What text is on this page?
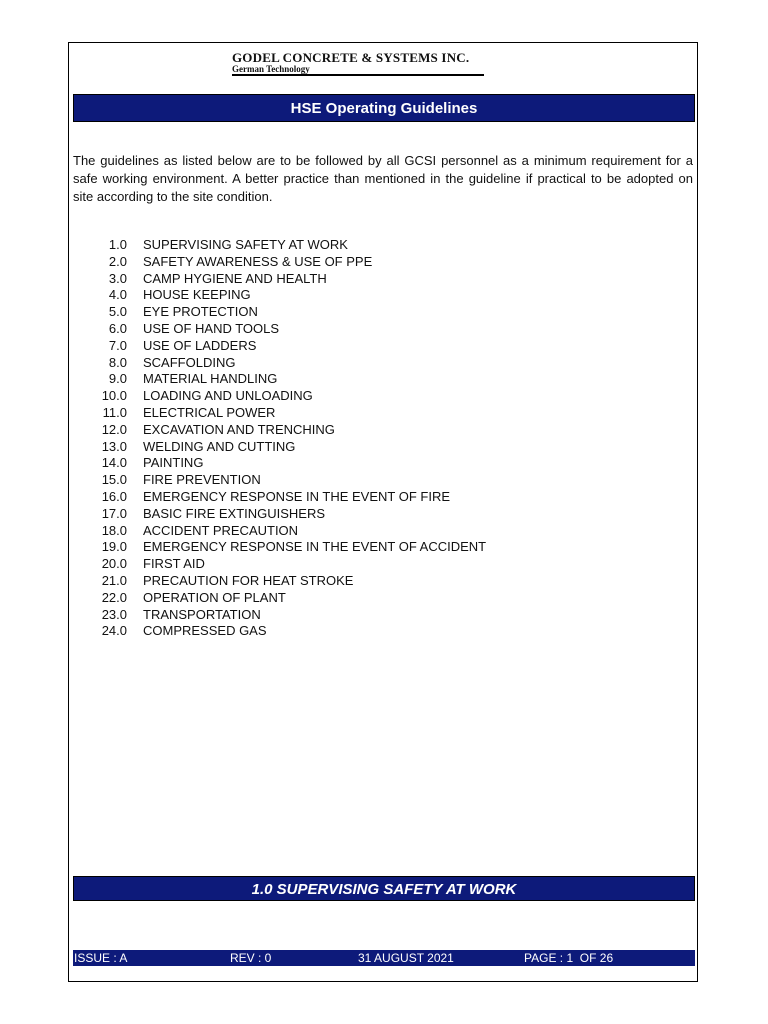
GODEL CONCRETE & SYSTEMS INC.
German Technology
HSE Operating Guidelines
The guidelines as listed below are to be followed by all GCSI personnel as a minimum requirement for a safe working environment. A better practice than mentioned in the guideline if practical to be adopted on site according to the site condition.
1.0 SUPERVISING SAFETY AT WORK
2.0 SAFETY AWARENESS & USE OF PPE
3.0 CAMP HYGIENE AND HEALTH
4.0 HOUSE KEEPING
5.0 EYE PROTECTION
6.0 USE OF HAND TOOLS
7.0 USE OF LADDERS
8.0 SCAFFOLDING
9.0 MATERIAL HANDLING
10.0 LOADING AND UNLOADING
11.0 ELECTRICAL POWER
12.0 EXCAVATION AND TRENCHING
13.0 WELDING AND CUTTING
14.0 PAINTING
15.0 FIRE PREVENTION
16.0 EMERGENCY RESPONSE IN THE EVENT OF FIRE
17.0 BASIC FIRE EXTINGUISHERS
18.0 ACCIDENT PRECAUTION
19.0 EMERGENCY RESPONSE IN THE EVENT OF ACCIDENT
20.0 FIRST AID
21.0 PRECAUTION FOR HEAT STROKE
22.0 OPERATION OF PLANT
23.0 TRANSPORTATION
24.0 COMPRESSED GAS
1.0 SUPERVISING SAFETY AT WORK
ISSUE : A	REV : 0	31 AUGUST 2021	PAGE : 1  OF 26
